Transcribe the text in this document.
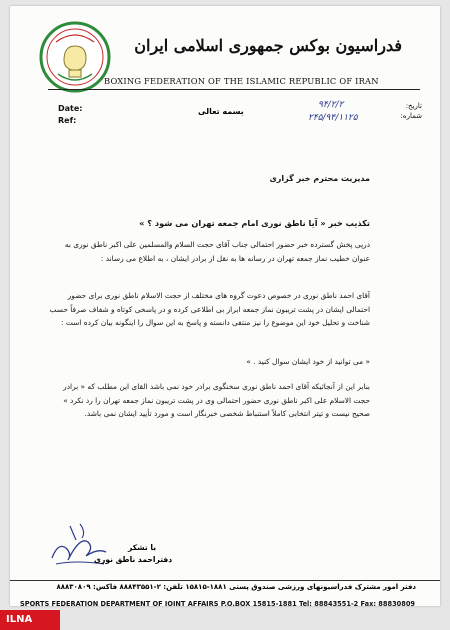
فدراسیون بوکس جمهوری اسلامی ایران
BOXING FEDERATION OF THE ISLAMIC REPUBLIC OF IRAN
Date:
Ref:
بسمه تعالی
تاریخ:
شماره:
۹۴/۲/۲
۲۴۵/۹۴/۱۱۲۵
مدیریت محترم خبر گزاری
تکذیب خبر « آیا ناطق نوری امام جمعه تهران می شود ؟ »
درپی پخش گسترده خبر حضور احتمالی جناب آقای حجت السلام والمسلمین علی اکبر ناطق نوری به عنوان خطیب نماز جمعه تهران در رسانه ها به نقل از برادر ایشان ، به اطلاع می رساند :
آقای احمد ناطق نوری در خصوص دعوت گروه های مختلف از حجت الاسلام ناطق نوری برای حضور احتمالی ایشان در پشت تریبون نماز جمعه ابراز بی اطلاعی کرده و در پاسخی کوتاه و شفاف صرفاً حسب شناخت و تحلیل خود این موضوع را نیز منتفی دانسته و پاسخ به این سوال را اینگونه بیان کرده است :
« می توانید از خود ایشان سوال کنید . »
بنابر این از آنجائیکه آقای احمد ناطق نوری سخنگوی برادر خود نمی باشد القای این مطلب که « برادر حجت الاسلام علی اکبر ناطق نوری حضور احتمالی وی در پشت تریبون نماز جمعه تهران را رد نکرد » صحیح نیست و تیتر انتخابی کاملاً استنباط شخصی خبرنگار است و مورد تأیید ایشان نمی باشد.
با تشکر
دفتراحمد ناطق نوری
دفتر امور مشترک فدراسیونهای ورزشی صندوق پستی ۱۸۸۱-۱۵۸۱۵ تلفن: ۲-۸۸۸۴۳۵۵۱ فاکس: ۸۸۸۳۰۸۰۹
SPORTS FEDERATION DEPARTMENT OF JOINT AFFAIRS P.O.BOX 15815-1881 Tel: 88843551-2 Fax: 88830809
ILNA
